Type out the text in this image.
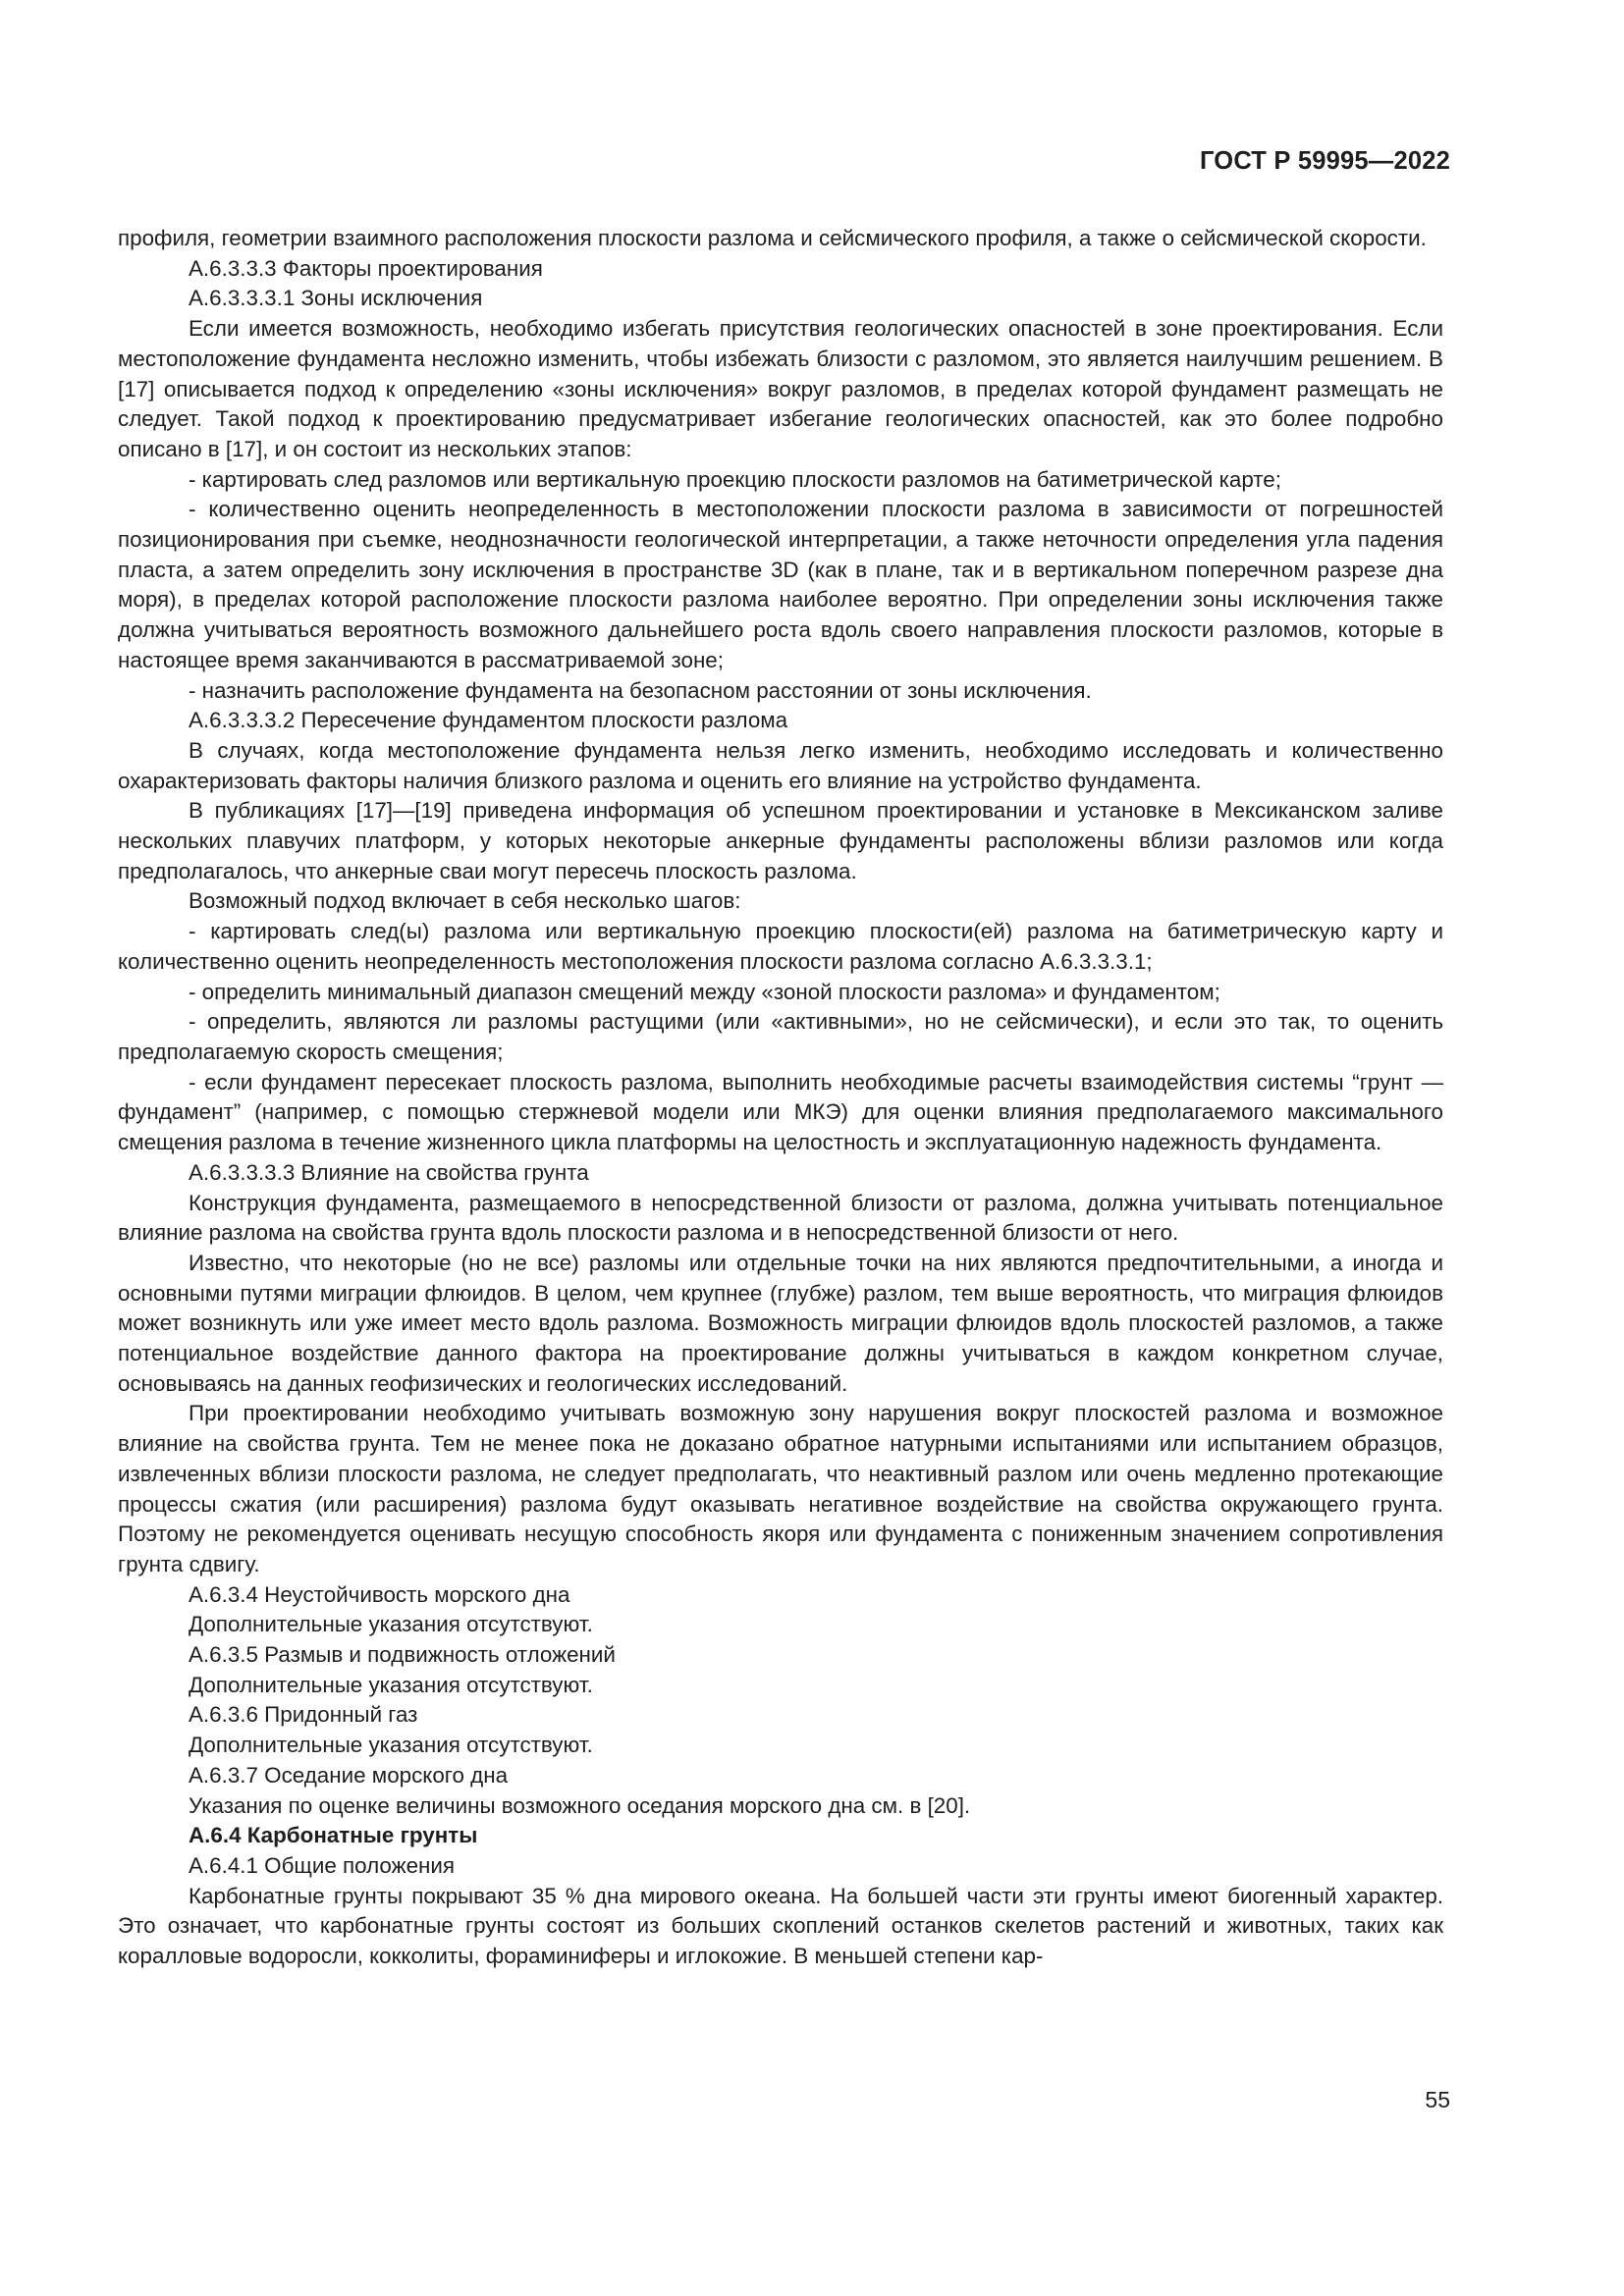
ГОСТ Р 59995—2022

профиля, геометрии взаимного расположения плоскости разлома и сейсмического профиля, а также о сейсмической скорости.

А.6.3.3.3 Факторы проектирования

А.6.3.3.3.1 Зоны исключения

Если имеется возможность, необходимо избегать присутствия геологических опасностей в зоне проектирования. Если местоположение фундамента несложно изменить, чтобы избежать близости с разломом, это является наилучшим решением. В [17] описывается подход к определению «зоны исключения» вокруг разломов, в пределах которой фундамент размещать не следует. Такой подход к проектированию предусматривает избегание геологических опасностей, как это более подробно описано в [17], и он состоит из нескольких этапов:

- картировать след разломов или вертикальную проекцию плоскости разломов на батиметрической карте;

- количественно оценить неопределенность в местоположении плоскости разлома в зависимости от погрешностей позиционирования при съемке, неоднозначности геологической интерпретации, а также неточности определения угла падения пласта, а затем определить зону исключения в пространстве 3D (как в плане, так и в вертикальном поперечном разрезе дна моря), в пределах которой расположение плоскости разлома наиболее вероятно. При определении зоны исключения также должна учитываться вероятность возможного дальнейшего роста вдоль своего направления плоскости разломов, которые в настоящее время заканчиваются в рассматриваемой зоне;

- назначить расположение фундамента на безопасном расстоянии от зоны исключения.

А.6.3.3.3.2 Пересечение фундаментом плоскости разлома

В случаях, когда местоположение фундамента нельзя легко изменить, необходимо исследовать и количественно охарактеризовать факторы наличия близкого разлома и оценить его влияние на устройство фундамента.

В публикациях [17]—[19] приведена информация об успешном проектировании и установке в Мексиканском заливе нескольких плавучих платформ, у которых некоторые анкерные фундаменты расположены вблизи разломов или когда предполагалось, что анкерные сваи могут пересечь плоскость разлома.

Возможный подход включает в себя несколько шагов:

- картировать след(ы) разлома или вертикальную проекцию плоскости(ей) разлома на батиметрическую карту и количественно оценить неопределенность местоположения плоскости разлома согласно А.6.3.3.3.1;

- определить минимальный диапазон смещений между «зоной плоскости разлома» и фундаментом;

- определить, являются ли разломы растущими (или «активными», но не сейсмически), и если это так, то оценить предполагаемую скорость смещения;

- если фундамент пересекает плоскость разлома, выполнить необходимые расчеты взаимодействия системы “грунт — фундамент” (например, с помощью стержневой модели или МКЭ) для оценки влияния предполагаемого максимального смещения разлома в течение жизненного цикла платформы на целостность и эксплуатационную надежность фундамента.

А.6.3.3.3.3 Влияние на свойства грунта

Конструкция фундамента, размещаемого в непосредственной близости от разлома, должна учитывать потенциальное влияние разлома на свойства грунта вдоль плоскости разлома и в непосредственной близости от него.

Известно, что некоторые (но не все) разломы или отдельные точки на них являются предпочтительными, а иногда и основными путями миграции флюидов. В целом, чем крупнее (глубже) разлом, тем выше вероятность, что миграция флюидов может возникнуть или уже имеет место вдоль разлома. Возможность миграции флюидов вдоль плоскостей разломов, а также потенциальное воздействие данного фактора на проектирование должны учитываться в каждом конкретном случае, основываясь на данных геофизических и геологических исследований.

При проектировании необходимо учитывать возможную зону нарушения вокруг плоскостей разлома и возможное влияние на свойства грунта. Тем не менее пока не доказано обратное натурными испытаниями или испытанием образцов, извлеченных вблизи плоскости разлома, не следует предполагать, что неактивный разлом или очень медленно протекающие процессы сжатия (или расширения) разлома будут оказывать негативное воздействие на свойства окружающего грунта. Поэтому не рекомендуется оценивать несущую способность якоря или фундамента с пониженным значением сопротивления грунта сдвигу.

А.6.3.4 Неустойчивость морского дна

Дополнительные указания отсутствуют.

А.6.3.5 Размыв и подвижность отложений

Дополнительные указания отсутствуют.

А.6.3.6 Придонный газ

Дополнительные указания отсутствуют.

А.6.3.7 Оседание морского дна

Указания по оценке величины возможного оседания морского дна см. в [20].

А.6.4 Карбонатные грунты

А.6.4.1 Общие положения

Карбонатные грунты покрывают 35 % дна мирового океана. На большей части эти грунты имеют биогенный характер. Это означает, что карбонатные грунты состоят из больших скоплений останков скелетов растений и животных, таких как коралловые водоросли, кокколиты, фораминиферы и иглокожие. В меньшей степени кар-

55
